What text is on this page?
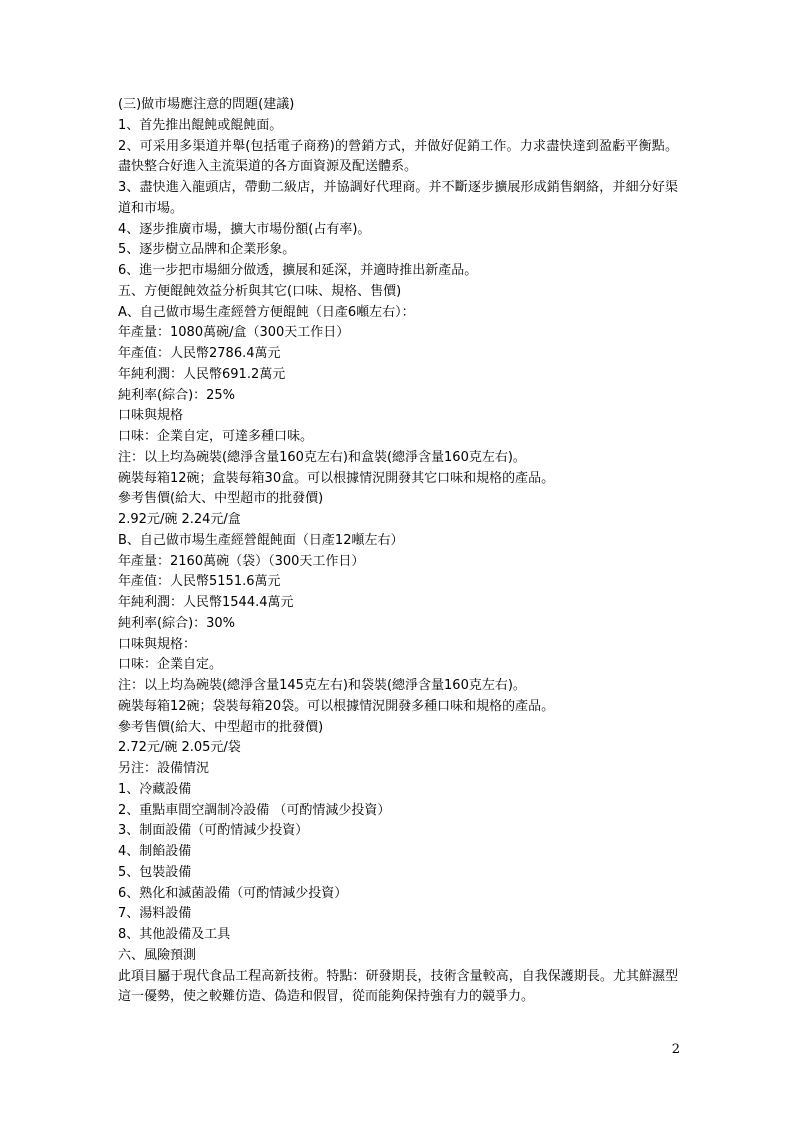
(三)做市場應注意的問題(建議)
1、首先推出餛飩或餛飩面。
2、可采用多渠道并舉(包括電子商務)的營銷方式，并做好促銷工作。力求盡快達到盈虧平衡點。盡快整合好進入主流渠道的各方面資源及配送體系。
3、盡快進入龍頭店，帶動二級店，并協調好代理商。并不斷逐步擴展形成銷售網絡，并細分好渠道和市場。
4、逐步推廣市場，擴大市場份額(占有率)。
5、逐步樹立品牌和企業形象。
6、進一步把市場細分做透，擴展和延深，并適時推出新產品。
五、方便餛飩效益分析與其它(口味、規格、售價)
A、自己做市場生產經營方便餛飩（日產6噸左右）：
年產量：1080萬碗/盒（300天工作日）
年產值：人民幣2786.4萬元
年純利潤：人民幣691.2萬元
純利率(綜合)：25%
口味與規格
口味：企業自定，可達多種口味。
注：以上均為碗裝(總淨含量160克左右)和盒裝(總淨含量160克左右)。
碗裝每箱12碗；盒裝每箱30盒。可以根據情況開發其它口味和規格的產品。
參考售價(給大、中型超市的批發價)
2.92元/碗 2.24元/盒
B、自己做市場生產經營餛飩面（日產12噸左右）
年產量：2160萬碗（袋）（300天工作日）
年產值：人民幣5151.6萬元
年純利潤：人民幣1544.4萬元
純利率(綜合)：30%
口味與規格：
口味：企業自定。
注：以上均為碗裝(總淨含量145克左右)和袋裝(總淨含量160克左右)。
碗裝每箱12碗；袋裝每箱20袋。可以根據情況開發多種口味和規格的產品。
參考售價(給大、中型超市的批發價)
2.72元/碗 2.05元/袋
另注：設備情況
1、冷藏設備
2、重點車間空調制冷設備 （可酌情減少投資）
3、制面設備（可酌情減少投資）
4、制餡設備
5、包裝設備
6、熟化和滅菌設備（可酌情減少投資）
7、湯料設備
8、其他設備及工具
六、風險預測
此項目屬于現代食品工程高新技術。特點：研發期長，技術含量較高，自我保護期長。尤其鮮濕型這一優勢，使之較難仿造、偽造和假冒，從而能夠保持強有力的競爭力。
2
